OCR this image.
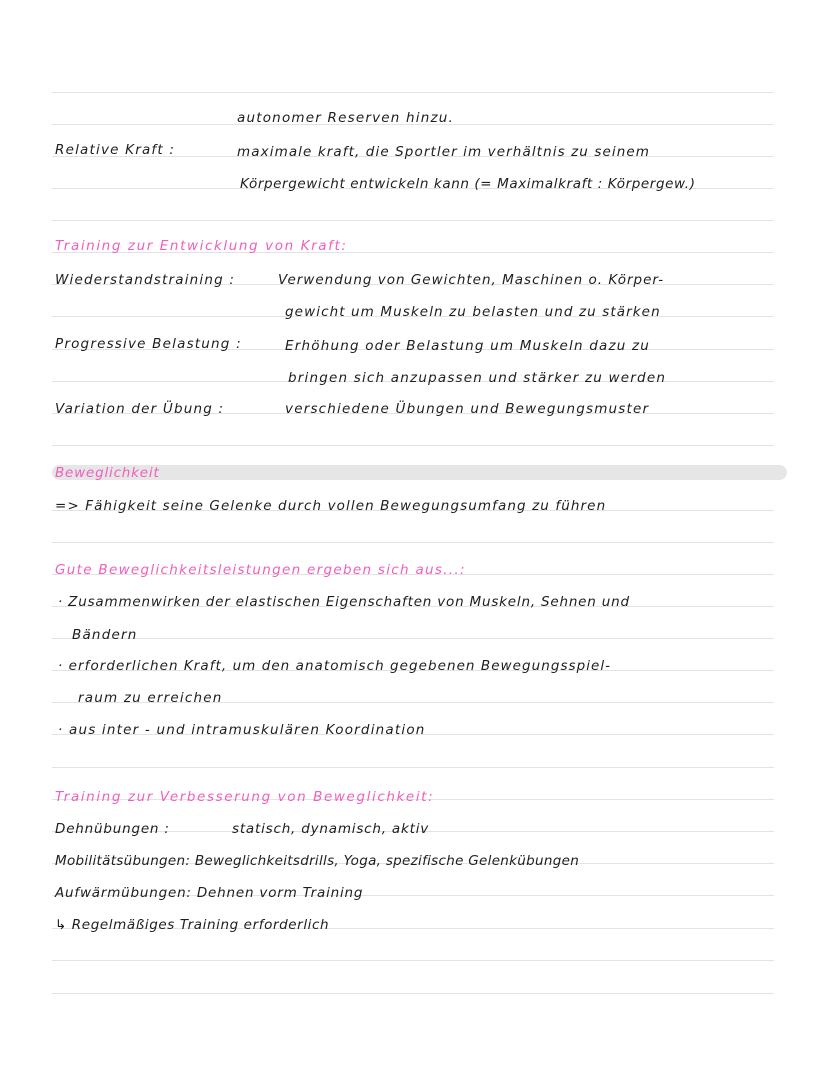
autonomer Reserven hinzu.
Relative Kraft :	maximale kraft, die Sportler im verhältnis zu seinem
Körpergewicht entwickeln kann (= Maximalkraft : Körpergew.)
Training zur Entwicklung von Kraft:
Wiederstandstraining :	Verwendung von Gewichten, Maschinen o. Körper-
gewicht um Muskeln zu belasten und zu stärken
Progressive Belastung :	Erhöhung oder Belastung um Muskeln dazu zu
bringen sich anzupassen und stärker zu werden
Variation der Übung :	verschiedene Übungen und Bewegungsmuster
Beweglichkeit
=> Fähigkeit seine Gelenke durch vollen Bewegungsumfang zu führen
Gute Beweglichkeitsleistungen ergeben sich aus...:
· Zusammenwirken der elastischen Eigenschaften von Muskeln, Sehnen und
Bändern
· erforderlichen Kraft, um den anatomisch gegebenen Bewegungsspiel-
raum zu erreichen
· aus inter - und intramuskulären Koordination
Training zur Verbesserung von Beweglichkeit:
Dehnübungen :	statisch, dynamisch, aktiv
Mobilitätsübungen: Beweglichkeitsdrills, Yoga, spezifische Gelenkübungen
Aufwärmübungen: Dehnen vorm Training
↳ Regelmäßiges Training erforderlich
